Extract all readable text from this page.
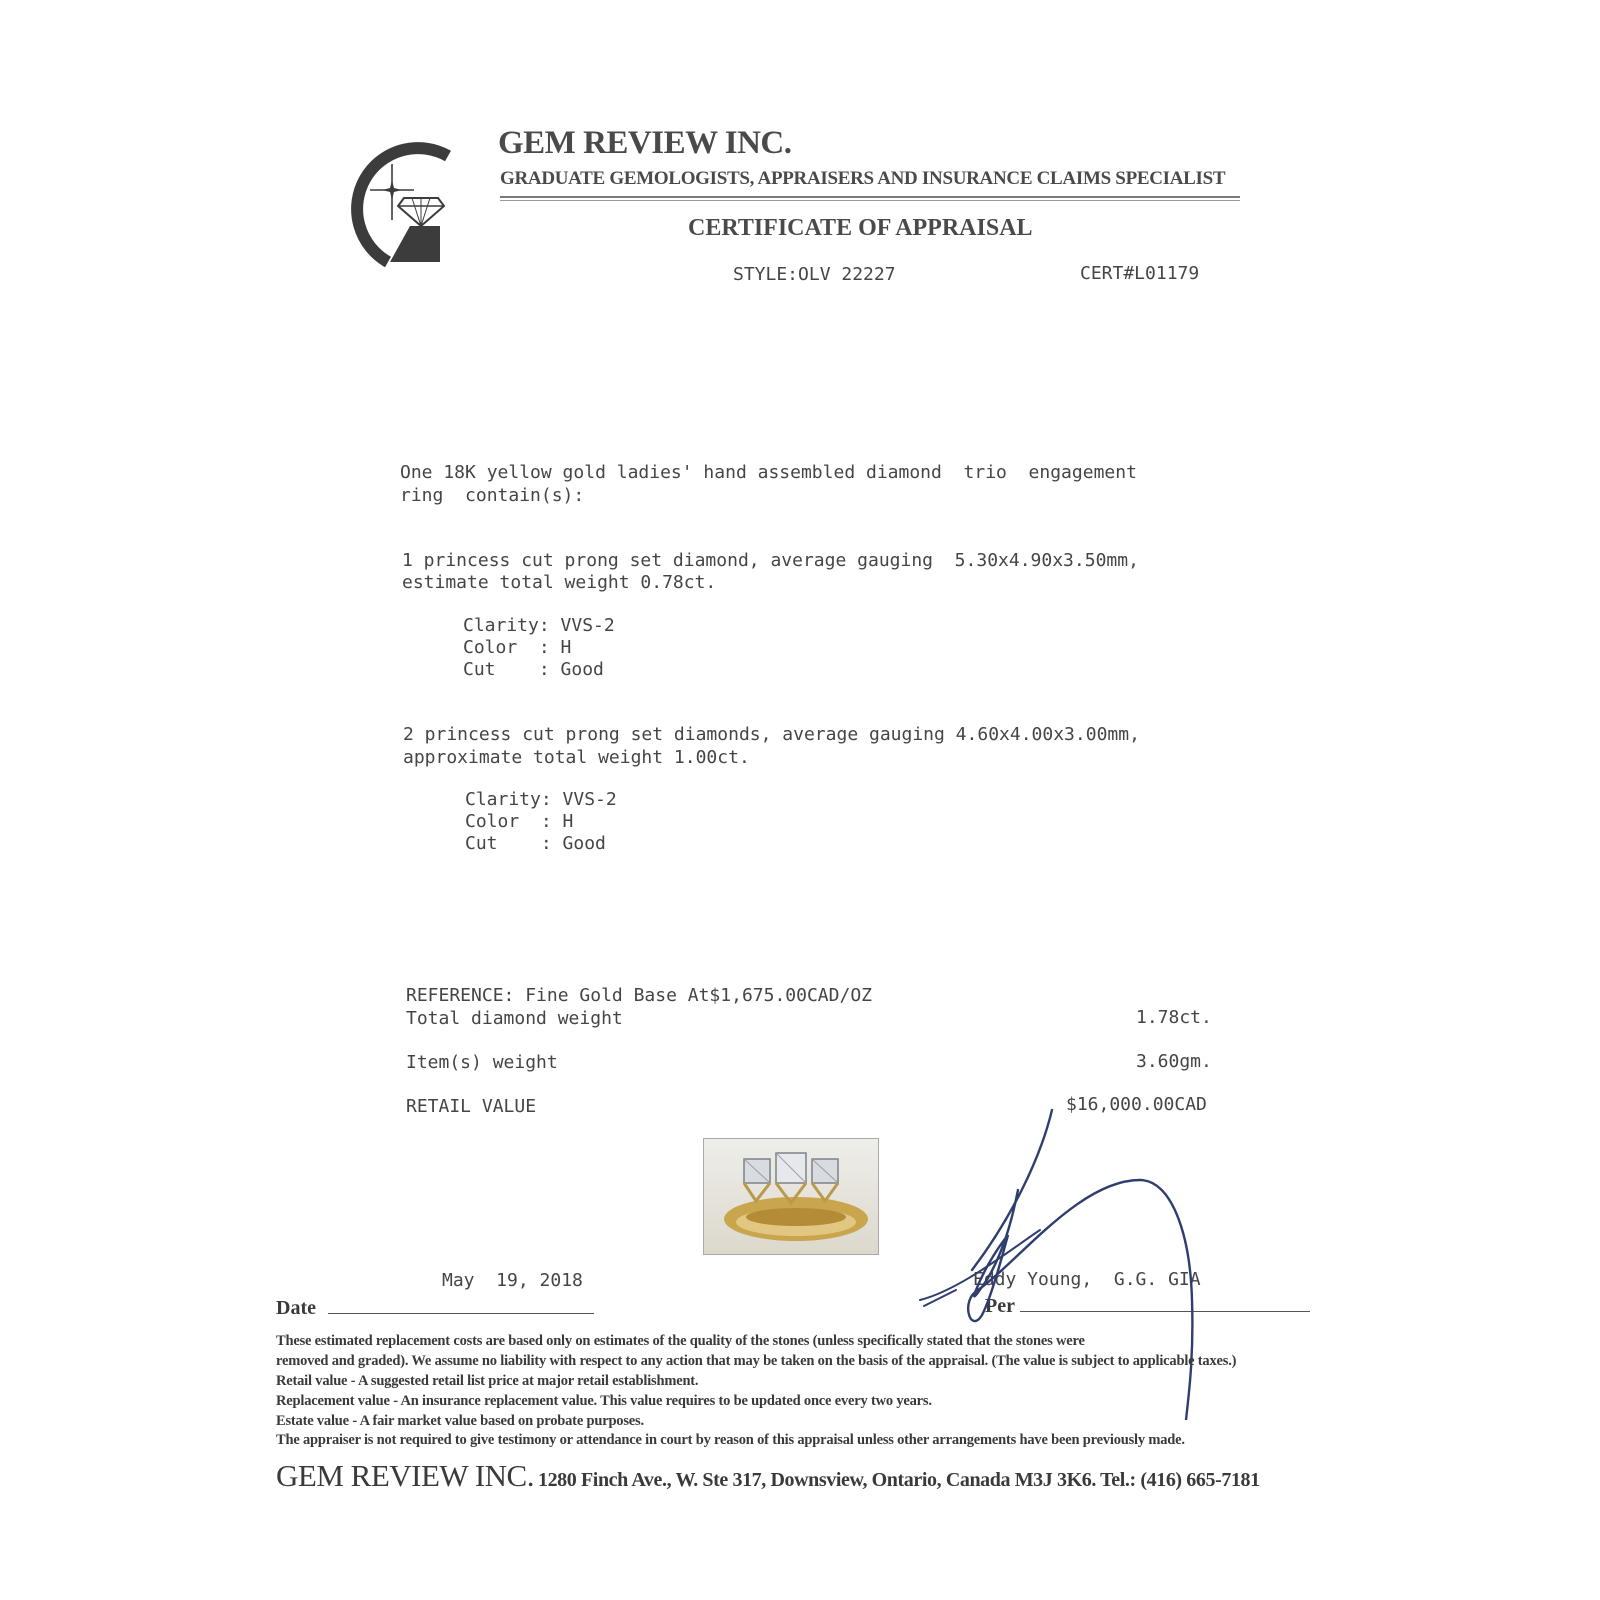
GEM REVIEW INC.
GRADUATE GEMOLOGISTS, APPRAISERS AND INSURANCE CLAIMS SPECIALIST
CERTIFICATE OF APPRAISAL
STYLE:OLV 22227	CERT#L01179
One 18K yellow gold ladies' hand assembled diamond  trio  engagement
ring  contain(s):
1 princess cut prong set diamond, average gauging  5.30x4.90x3.50mm,
estimate total weight 0.78ct.
Clarity: VVS-2
Color  : H
Cut    : Good
2 princess cut prong set diamonds, average gauging 4.60x4.00x3.00mm,
approximate total weight 1.00ct.
Clarity: VVS-2
Color  : H
Cut    : Good
REFERENCE: Fine Gold Base At$1,675.00CAD/OZ
Total diamond weight	1.78ct.
Item(s) weight	3.60gm.
RETAIL VALUE	$16,000.00CAD
May  19, 2018
Date
Eddy Young,  G.G. GIA
Per
These estimated replacement costs are based only on estimates of the quality of the stones (unless specifically stated that the stones were
removed and graded). We assume no liability with respect to any action that may be taken on the basis of the appraisal. (The value is subject to applicable taxes.)
Retail value - A suggested retail list price at major retail establishment.
Replacement value - An insurance replacement value. This value requires to be updated once every two years.
Estate value - A fair market value based on probate purposes.
The appraiser is not required to give testimony or attendance in court by reason of this appraisal unless other arrangements have been previously made.
GEM REVIEW INC. 1280 Finch Ave., W. Ste 317, Downsview, Ontario, Canada M3J 3K6. Tel.: (416) 665-7181
